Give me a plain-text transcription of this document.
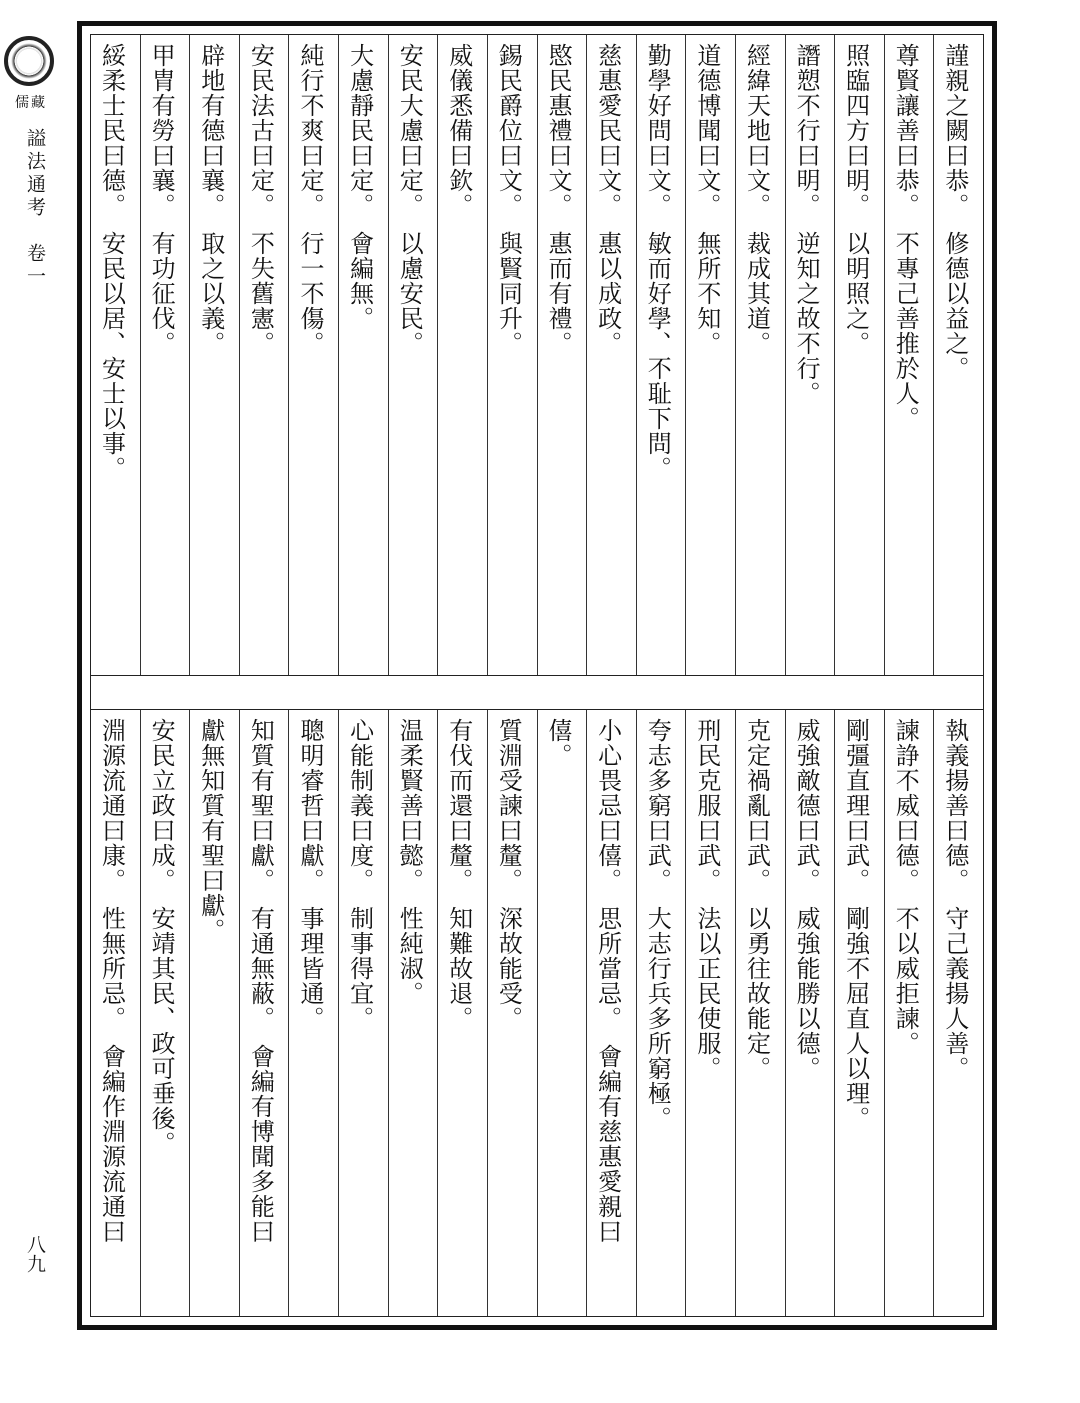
儒藏
謚法通考　卷一
八九
𧫴親之闕曰恭。　修德以益之。
尊賢讓善曰恭。　不專己善推於人。
照臨四方曰明。　以明照之。
譖愬不行曰明。　逆知之故不行。
經緯天地曰文。　裁成其道。
道德博聞曰文。　無所不知。
勤學好問曰文。　敏而好學、不耻下問。
慈惠愛民曰文。　惠以成政。
愍民惠禮曰文。　惠而有禮。
錫民爵位曰文。　與賢同升。
威儀悉備曰欽。
安民大慮曰定。　以慮安民。
大慮靜民曰定。　會編無。
純行不爽曰定。　行一不傷。
安民法古曰定。　不失舊憲。
辟地有德曰襄。　取之以義。
甲胄有勞曰襄。　有功征伐。
綏柔士民曰德。　安民以居、安士以事。
執義揚善曰德。　守己義揚人善。
諫諍不威曰德。　不以威拒諫。
剛彊直理曰武。　剛強不屈直人以理。
威強敵德曰武。　威強能勝以德。
克定禍亂曰武。　以勇往故能定。
刑民克服曰武。　法以正民使服。
夸志多窮曰武。　大志行兵多所窮極。
小心畏忌曰僖。　思所當忌。　會編有慈惠愛親曰
僖。
質淵受諫曰釐。　深故能受。
有伐而還曰釐。　知難故退。
温柔賢善曰懿。　性純淑。
心能制義曰度。　制事得宜。
聰明睿哲曰獻。　事理皆通。
知質有聖曰獻。　有通無蔽。　會編有博聞多能曰
獻無知質有聖曰獻。
安民立政曰成。　安靖其民、政可垂後。
淵源流通曰康。　性無所忌。　會編作淵源流通曰
